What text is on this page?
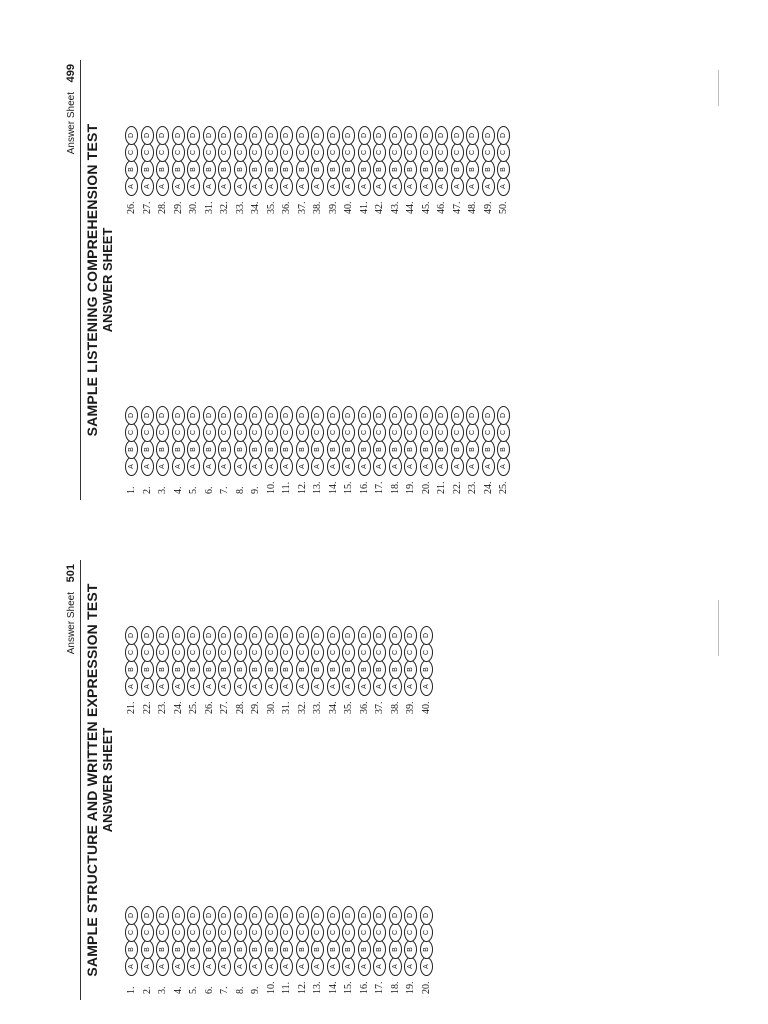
Answer Sheet
499
SAMPLE LISTENING COMPREHENSION TEST ANSWER SHEET
1.
A
B
C
D
2.
A
B
C
D
3.
A
B
C
D
4.
A
B
C
D
5.
A
B
C
D
6.
A
B
C
D
7.
A
B
C
D
8.
A
B
C
D
9.
A
B
C
D
10.
A
B
C
D
11.
A
B
C
D
12.
A
B
C
D
13.
A
B
C
D
14.
A
B
C
D
15.
A
B
C
D
16.
A
B
C
D
17.
A
B
C
D
18.
A
B
C
D
19.
A
B
C
D
20.
A
B
C
D
21.
A
B
C
D
22.
A
B
C
D
23.
A
B
C
D
24.
A
B
C
D
25.
A
B
C
D
26.
A
B
C
D
27.
A
B
C
D
28.
A
B
C
D
29.
A
B
C
D
30.
A
B
C
D
31.
A
B
C
D
32.
A
B
C
D
33.
A
B
C
D
34.
A
B
C
D
35.
A
B
C
D
36.
A
B
C
D
37.
A
B
C
D
38.
A
B
C
D
39.
A
B
C
D
40.
A
B
C
D
41.
A
B
C
D
42.
A
B
C
D
43.
A
B
C
D
44.
A
B
C
D
45.
A
B
C
D
46.
A
B
C
D
47.
A
B
C
D
48.
A
B
C
D
49.
A
B
C
D
50.
A
B
C
D
Answer Sheet
501
SAMPLE STRUCTURE AND WRITTEN EXPRESSION TEST ANSWER SHEET
1.
A
B
C
D
2.
A
B
C
D
3.
A
B
C
D
4.
A
B
C
D
5.
A
B
C
D
6.
A
B
C
D
7.
A
B
C
D
8.
A
B
C
D
9.
A
B
C
D
10.
A
B
C
D
11.
A
B
C
D
12.
A
B
C
D
13.
A
B
C
D
14.
A
B
C
D
15.
A
B
C
D
16.
A
B
C
D
17.
A
B
C
D
18.
A
B
C
D
19.
A
B
C
D
20.
A
B
C
D
21.
A
B
C
D
22.
A
B
C
D
23.
A
B
C
D
24.
A
B
C
D
25.
A
B
C
D
26.
A
B
C
D
27.
A
B
C
D
28.
A
B
C
D
29.
A
B
C
D
30.
A
B
C
D
31.
A
B
C
D
32.
A
B
C
D
33.
A
B
C
D
34.
A
B
C
D
35.
A
B
C
D
36.
A
B
C
D
37.
A
B
C
D
38.
A
B
C
D
39.
A
B
C
D
40.
A
B
C
D
